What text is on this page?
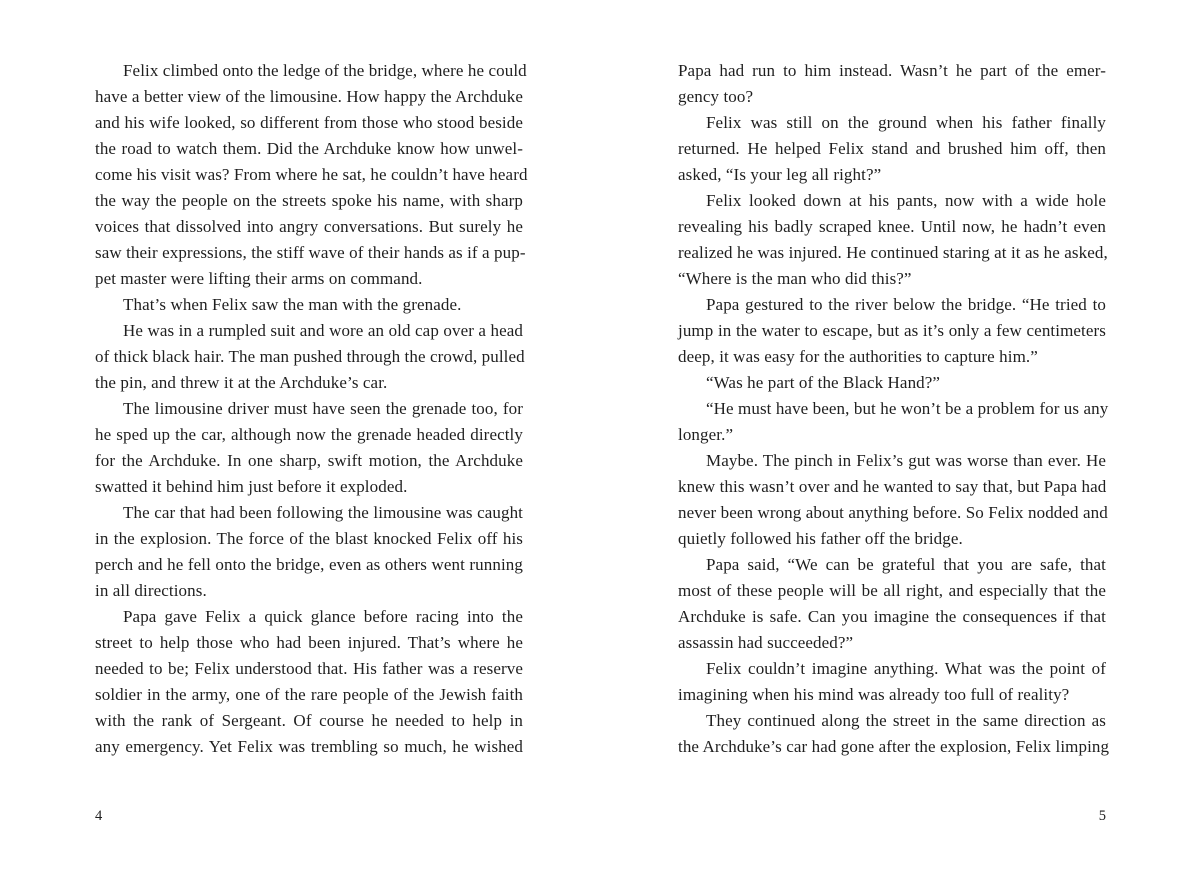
Felix climbed onto the ledge of the bridge, where he could
have a better view of the limousine. How happy the Archduke
and his wife looked, so different from those who stood beside
the road to watch them. Did the Archduke know how unwel-
come his visit was? From where he sat, he couldn’t have heard
the way the people on the streets spoke his name, with sharp
voices that dissolved into angry conversations. But surely he
saw their expressions, the stiff wave of their hands as if a pup-
pet master were lifting their arms on command.
That’s when Felix saw the man with the grenade.
He was in a rumpled suit and wore an old cap over a head
of thick black hair. The man pushed through the crowd, pulled
the pin, and threw it at the Archduke’s car.
The limousine driver must have seen the grenade too, for
he sped up the car, although now the grenade headed directly
for the Archduke. In one sharp, swift motion, the Archduke
swatted it behind him just before it exploded.
The car that had been following the limousine was caught
in the explosion. The force of the blast knocked Felix off his
perch and he fell onto the bridge, even as others went running
in all directions.
Papa gave Felix a quick glance before racing into the
street to help those who had been injured. That’s where he
needed to be; Felix understood that. His father was a reserve
soldier in the army, one of the rare people of the Jewish faith
with the rank of Sergeant. Of course he needed to help in
any emergency. Yet Felix was trembling so much, he wished
4
Papa had run to him instead. Wasn’t he part of the emer-
gency too?
Felix was still on the ground when his father finally
returned. He helped Felix stand and brushed him off, then
asked, “Is your leg all right?”
Felix looked down at his pants, now with a wide hole
revealing his badly scraped knee. Until now, he hadn’t even
realized he was injured. He continued staring at it as he asked,
“Where is the man who did this?”
Papa gestured to the river below the bridge. “He tried to
jump in the water to escape, but as it’s only a few centimeters
deep, it was easy for the authorities to capture him.”
“Was he part of the Black Hand?”
“He must have been, but he won’t be a problem for us any
longer.”
Maybe. The pinch in Felix’s gut was worse than ever. He
knew this wasn’t over and he wanted to say that, but Papa had
never been wrong about anything before. So Felix nodded and
quietly followed his father off the bridge.
Papa said, “We can be grateful that you are safe, that
most of these people will be all right, and especially that the
Archduke is safe. Can you imagine the consequences if that
assassin had succeeded?”
Felix couldn’t imagine anything. What was the point of
imagining when his mind was already too full of reality?
They continued along the street in the same direction as
the Archduke’s car had gone after the explosion, Felix limping
5
